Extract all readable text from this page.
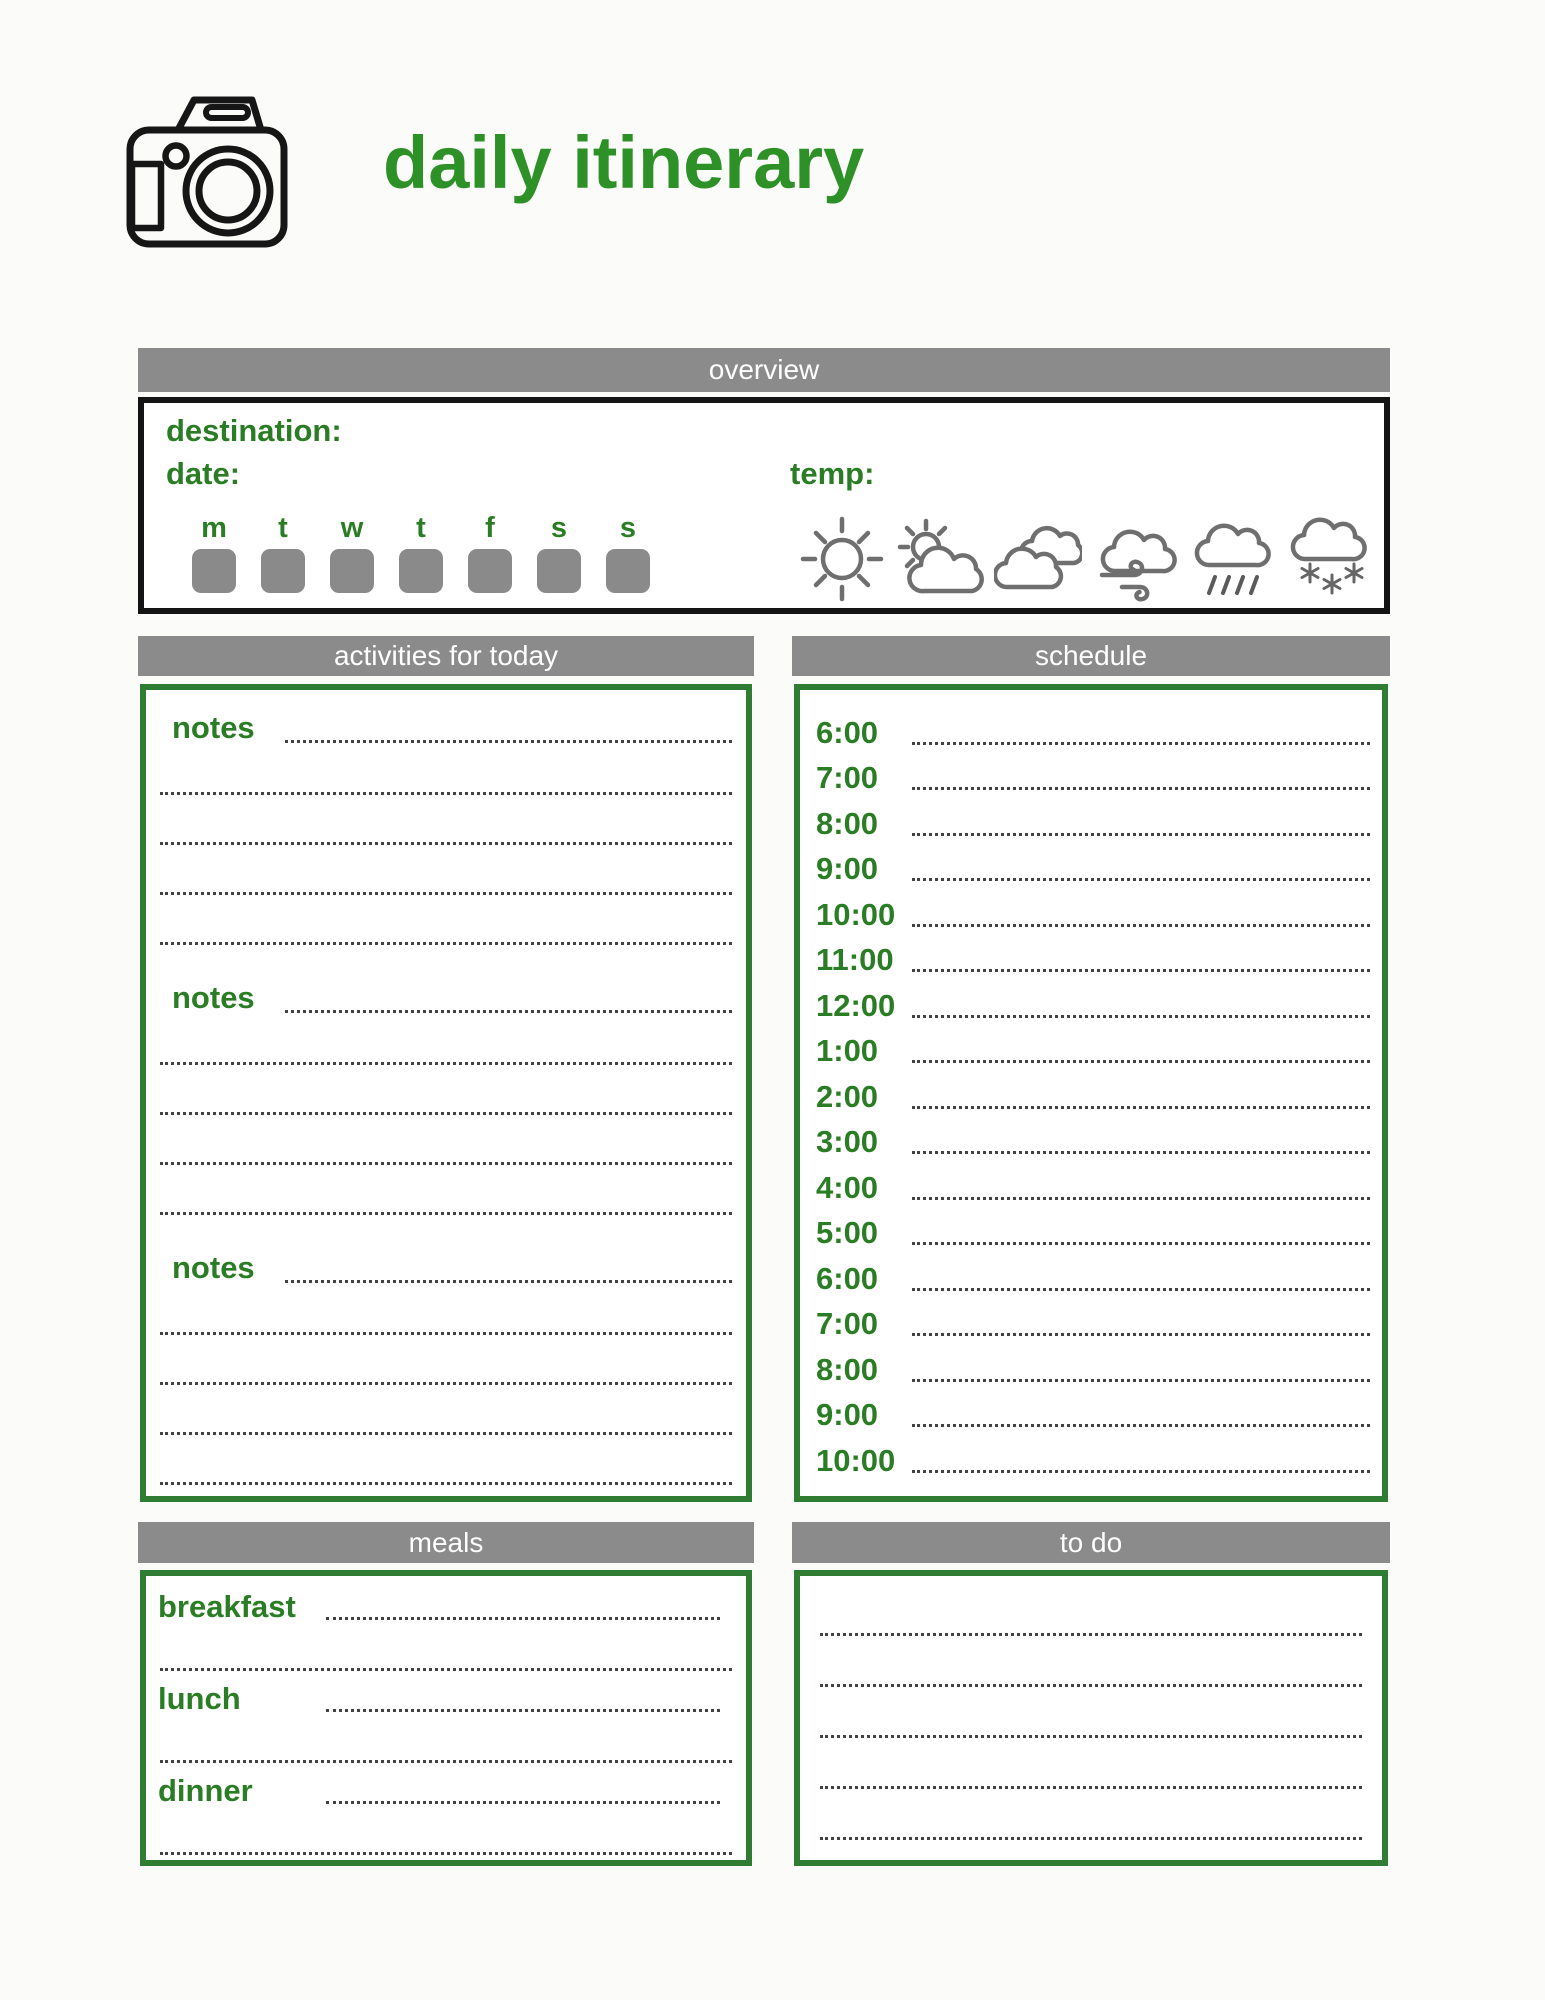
daily itinerary
overview
destination:
date:	temp:
m t w t f s s
activities for today
notes
notes
notes
schedule
6:00
7:00
8:00
9:00
10:00
11:00
12:00
1:00
2:00
3:00
4:00
5:00
6:00
7:00
8:00
9:00
10:00
meals
breakfast
lunch
dinner
to do
